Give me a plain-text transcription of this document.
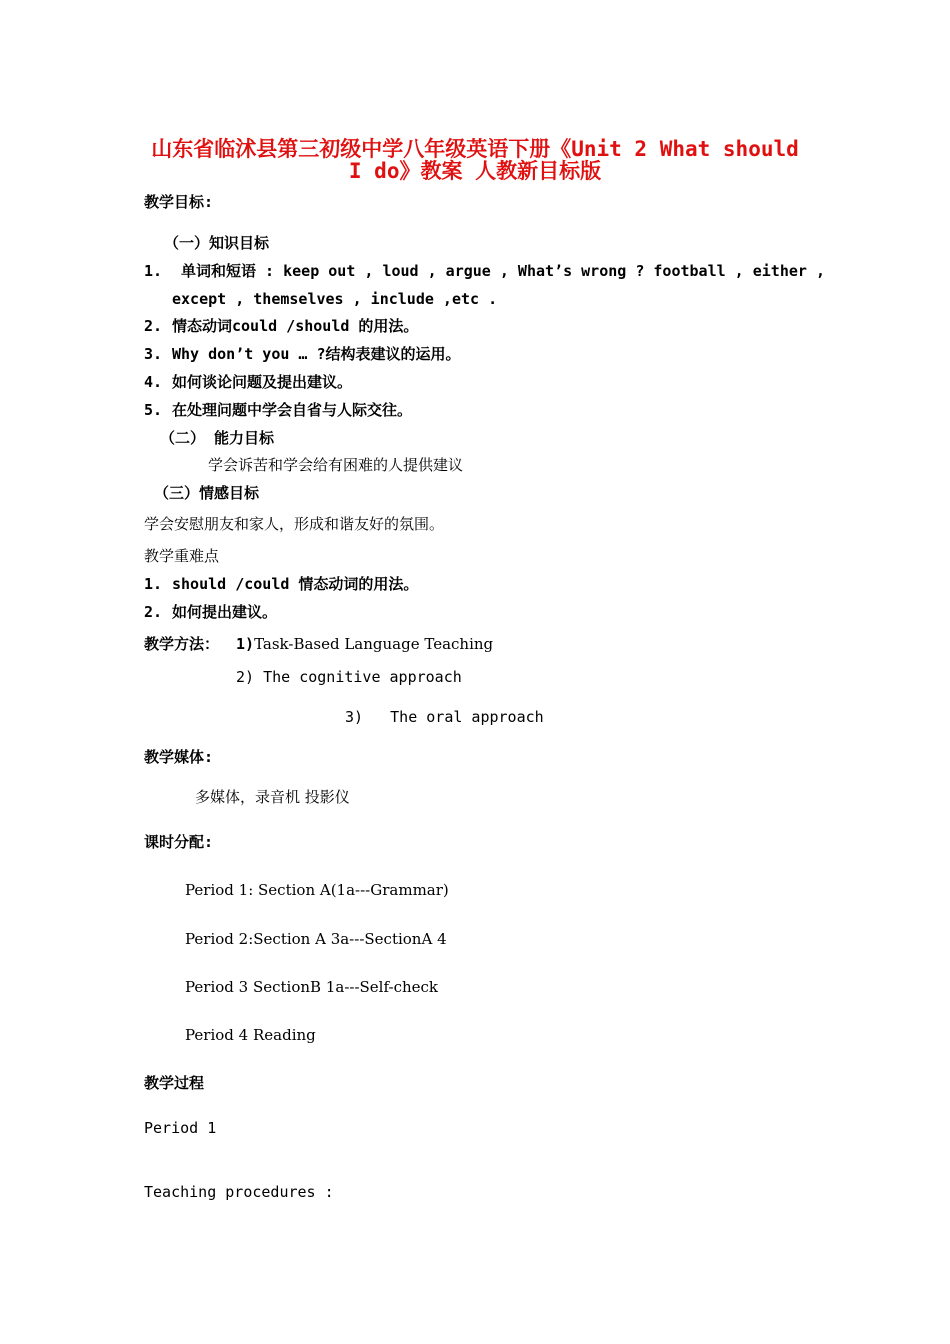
山东省临沭县第三初级中学八年级英语下册《Unit 2 What should
I do》教案 人教新目标版
教学目标:
（一）知识目标
1. 单词和短语 : keep out , loud , argue , What’s wrong ? football , either ,
except , themselves , include ,etc .
2. 情态动词could /should 的用法。
3. Why don’t you … ?结构表建议的运用。
4. 如何谈论问题及提出建议。
5. 在处理问题中学会自省与人际交往。
（二） 能力目标
学会诉苦和学会给有困难的人提供建议
（三）情感目标
学会安慰朋友和家人，形成和谐友好的氛围。
教学重难点
1. should /could 情态动词的用法。
2. 如何提出建议。
教学方法： 1)Task-Based Language Teaching
2) The cognitive approach
3) The oral approach
教学媒体:
多媒体，录音机 投影仪
课时分配:
Period 1: Section A(1a---Grammar)
Period 2:Section A 3a---SectionA 4
Period 3 SectionB 1a---Self-check
Period 4 Reading
教学过程
Period 1
Teaching procedures :
